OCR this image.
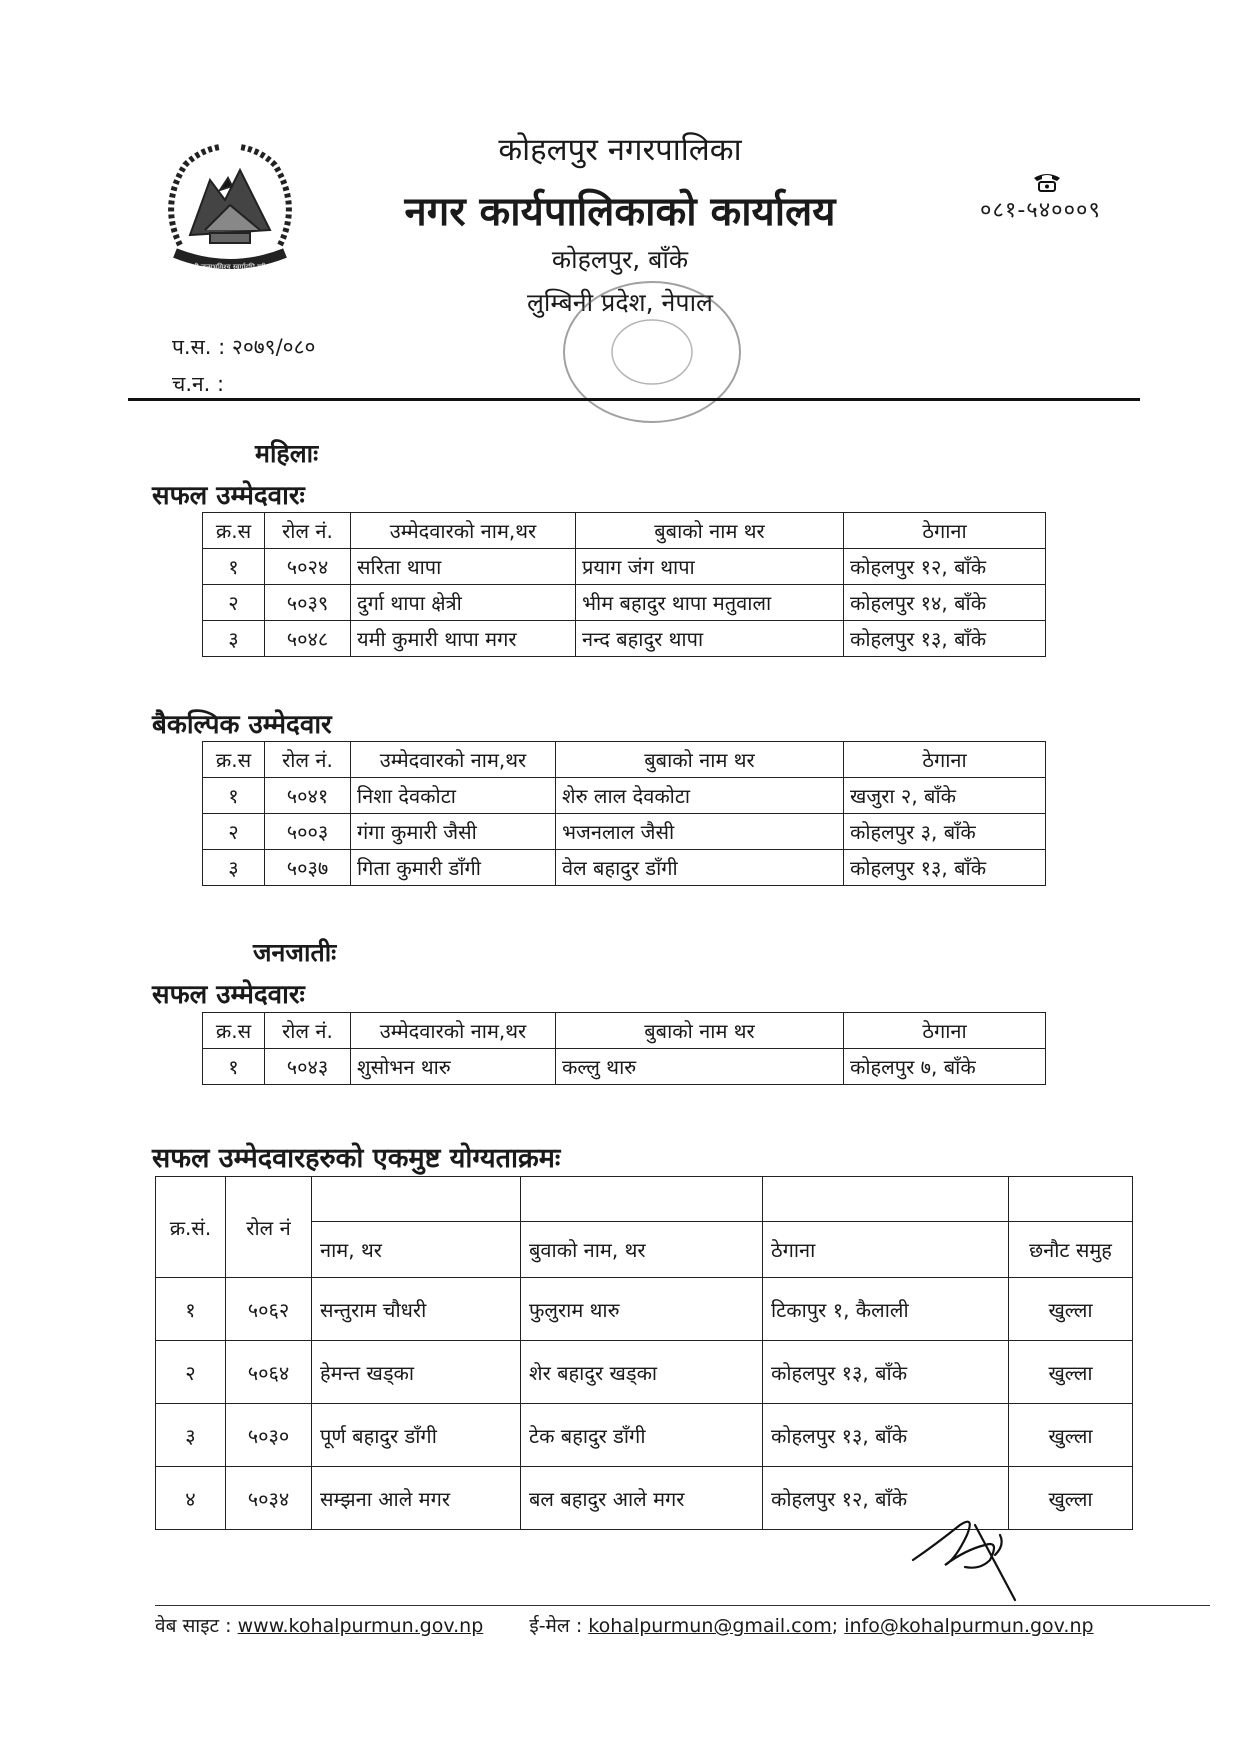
जननी जन्मभूमिश्च स्वर्गादपि गरीयसी
कोहलपुर नगरपालिका
नगर कार्यपालिकाको कार्यालय
कोहलपुर, बाँके
लुम्बिनी प्रदेश, नेपाल
०८१-५४०००९
प.स. : २०७९/०८०
च.न. :
महिलाः
सफल उम्मेदवारः
क्र.स	रोल नं.	उम्मेदवारको नाम,थर	बुबाको नाम थर	ठेगाना
१	५०२४	सरिता थापा	प्रयाग जंग थापा	कोहलपुर १२, बाँके
२	५०३९	दुर्गा थापा क्षेत्री	भीम बहादुर थापा मतुवाला	कोहलपुर १४, बाँके
३	५०४८	यमी कुमारी थापा मगर	नन्द बहादुर थापा	कोहलपुर १३, बाँके
बैकल्पिक उम्मेदवार
क्र.स	रोल नं.	उम्मेदवारको नाम,थर	बुबाको नाम थर	ठेगाना
१	५०४१	निशा देवकोटा	शेरु लाल देवकोटा	खजुरा २, बाँके
२	५००३	गंगा कुमारी जैसी	भजनलाल जैसी	कोहलपुर ३, बाँके
३	५०३७	गिता कुमारी डाँगी	वेल बहादुर डाँगी	कोहलपुर १३, बाँके
जनजातीः
सफल उम्मेदवारः
क्र.स	रोल नं.	उम्मेदवारको नाम,थर	बुबाको नाम थर	ठेगाना
१	५०४३	शुसोभन थारु	कल्लु थारु	कोहलपुर ७, बाँके
सफल उम्मेदवारहरुको एकमुष्ट योग्यताक्रमः
क्र.सं.	रोल नं				
		नाम, थर	बुवाको नाम, थर	ठेगाना	छनौट समुह
१	५०६२	सन्तुराम चौधरी	फुलुराम थारु	टिकापुर १, कैलाली	खुल्ला
२	५०६४	हेमन्त खड्का	शेर बहादुर खड्का	कोहलपुर १३, बाँके	खुल्ला
३	५०३०	पूर्ण बहादुर डाँगी	टेक बहादुर डाँगी	कोहलपुर १३, बाँके	खुल्ला
४	५०३४	सम्झना आले मगर	बल बहादुर आले मगर	कोहलपुर १२, बाँके	खुल्ला
वेब साइट : www.kohalpurmun.gov.np ई-मेल : kohalpurmun@gmail.com; info@kohalpurmun.gov.np
